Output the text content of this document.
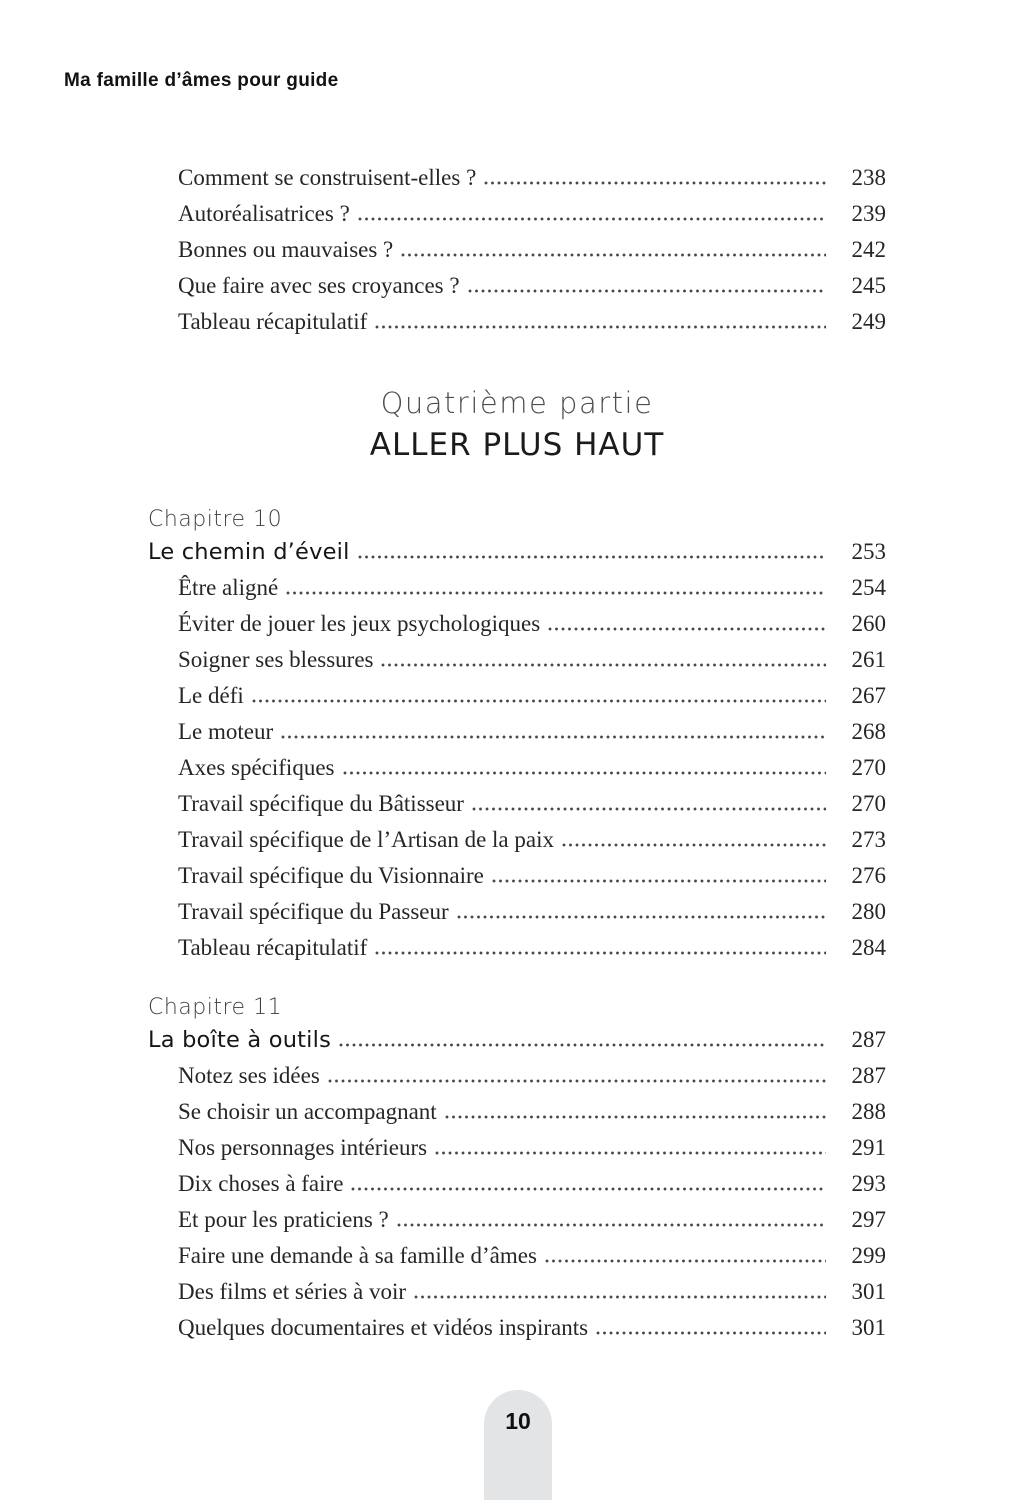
Ma famille d’âmes pour guide
Comment se construisent-elles ?	238
Autoréalisatrices ?	239
Bonnes ou mauvaises ?	242
Que faire avec ses croyances ?	245
Tableau récapitulatif	249
Quatrième partie
ALLER PLUS HAUT
Chapitre 10
Le chemin d’éveil	253
Être aligné	254
Éviter de jouer les jeux psychologiques	260
Soigner ses blessures	261
Le défi	267
Le moteur	268
Axes spécifiques	270
Travail spécifique du Bâtisseur	270
Travail spécifique de l’Artisan de la paix	273
Travail spécifique du Visionnaire	276
Travail spécifique du Passeur	280
Tableau récapitulatif	284
Chapitre 11
La boîte à outils	287
Notez ses idées	287
Se choisir un accompagnant	288
Nos personnages intérieurs	291
Dix choses à faire	293
Et pour les praticiens ?	297
Faire une demande à sa famille d’âmes	299
Des films et séries à voir	301
Quelques documentaires et vidéos inspirants	301
10
